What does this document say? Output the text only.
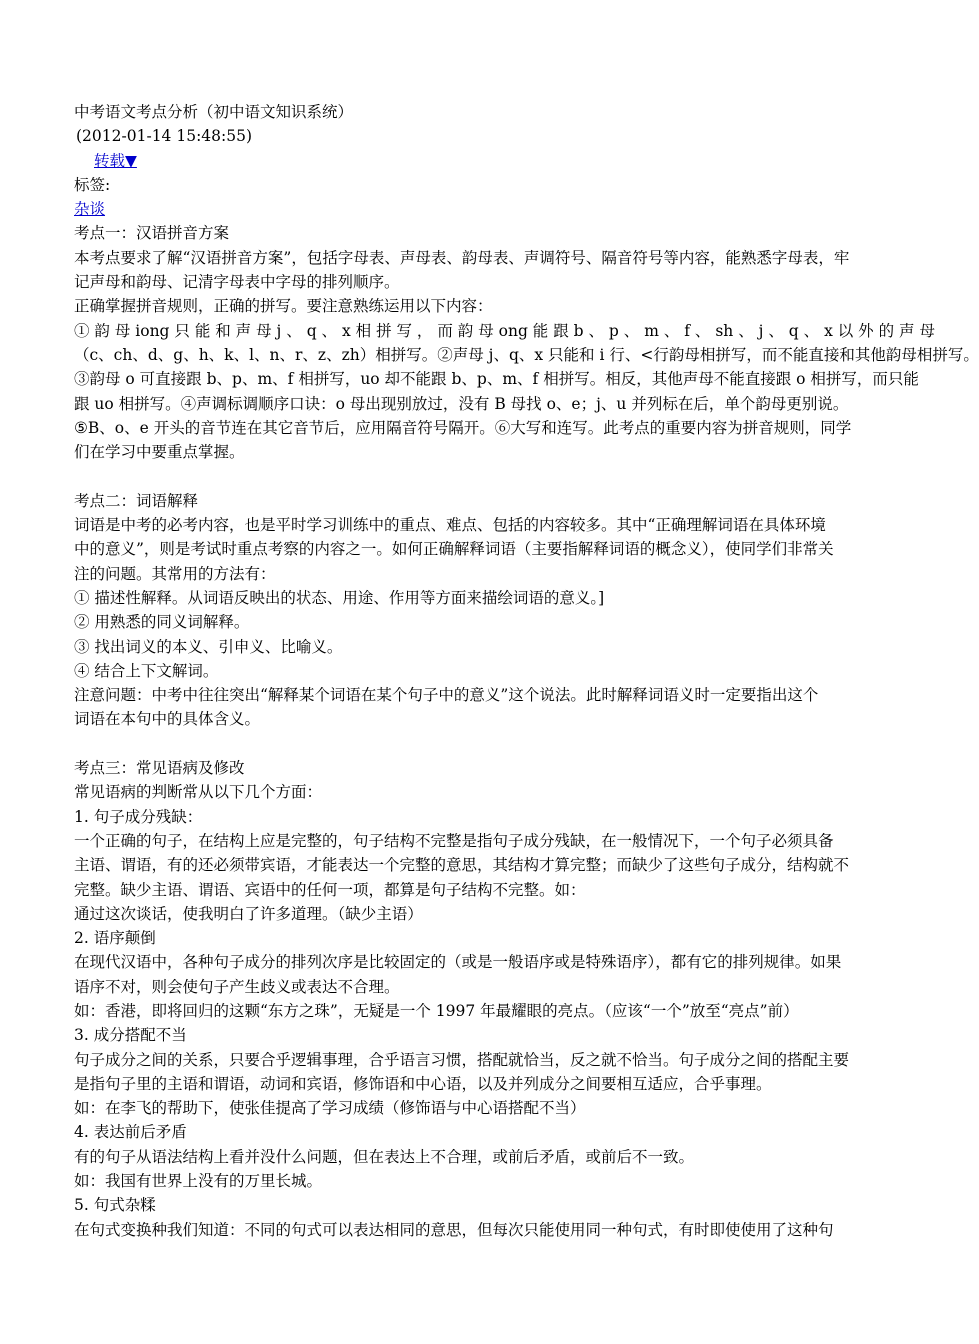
中考语文考点分析（初中语文知识系统）
(2012-01-14 15:48:55)
转载▼
标签:
杂谈
考点一：汉语拼音方案
本考点要求了解“汉语拼音方案”，包括字母表、声母表、韵母表、声调符号、隔音符号等内容，能熟悉字母表，牢
记声母和韵母、记清字母表中字母的排列顺序。
正确掌握拼音规则，正确的拼写。要注意熟练运用以下内容：
① 韵 母 iong 只 能 和 声 母 j 、 q 、 x 相 拼 写 ， 而 韵 母 ong 能 跟 b 、 p 、 m 、 f 、 sh 、 j 、 q 、 x 以 外 的 声 母
（c、ch、d、g、h、k、l、n、r、z、zh）相拼写。②声母 j、q、x 只能和 i 行、<行韵母相拼写，而不能直接和其他韵母相拼写。
③韵母 o 可直接跟 b、p、m、f 相拼写，uo 却不能跟 b、p、m、f 相拼写。相反，其他声母不能直接跟 o 相拼写，而只能
跟 uo 相拼写。④声调标调顺序口诀：o 母出现别放过，没有 B 母找 o、e；j、u 并列标在后，单个韵母更别说。
⑤B、o、e 开头的音节连在其它音节后，应用隔音符号隔开。⑥大写和连写。此考点的重要内容为拼音规则，同学
们在学习中要重点掌握。
考点二：词语解释
词语是中考的必考内容，也是平时学习训练中的重点、难点、包括的内容较多。其中“正确理解词语在具体环境
中的意义”，则是考试时重点考察的内容之一。如何正确解释词语（主要指解释词语的概念义），使同学们非常关
注的问题。其常用的方法有：
① 描述性解释。从词语反映出的状态、用途、作用等方面来描绘词语的意义。]
② 用熟悉的同义词解释。
③ 找出词义的本义、引申义、比喻义。
④ 结合上下文解词。
注意问题：中考中往往突出“解释某个词语在某个句子中的意义”这个说法。此时解释词语义时一定要指出这个
词语在本句中的具体含义。
考点三：常见语病及修改
常见语病的判断常从以下几个方面：
1. 句子成分残缺：
一个正确的句子，在结构上应是完整的，句子结构不完整是指句子成分残缺，在一般情况下，一个句子必须具备
主语、谓语，有的还必须带宾语，才能表达一个完整的意思，其结构才算完整；而缺少了这些句子成分，结构就不
完整。缺少主语、谓语、宾语中的任何一项，都算是句子结构不完整。如：
通过这次谈话，使我明白了许多道理。（缺少主语）
2. 语序颠倒
在现代汉语中，各种句子成分的排列次序是比较固定的（或是一般语序或是特殊语序），都有它的排列规律。如果
语序不对，则会使句子产生歧义或表达不合理。
如：香港，即将回归的这颗“东方之珠”，无疑是一个 1997 年最耀眼的亮点。（应该“一个”放至“亮点”前）
3. 成分搭配不当
句子成分之间的关系，只要合乎逻辑事理，合乎语言习惯，搭配就恰当，反之就不恰当。句子成分之间的搭配主要
是指句子里的主语和谓语，动词和宾语，修饰语和中心语，以及并列成分之间要相互适应，合乎事理。
如：在李飞的帮助下，使张佳提高了学习成绩（修饰语与中心语搭配不当）
4. 表达前后矛盾
有的句子从语法结构上看并没什么问题，但在表达上不合理，或前后矛盾，或前后不一致。
如：我国有世界上没有的万里长城。
5. 句式杂糅
在句式变换种我们知道：不同的句式可以表达相同的意思，但每次只能使用同一种句式，有时即使使用了这种句
